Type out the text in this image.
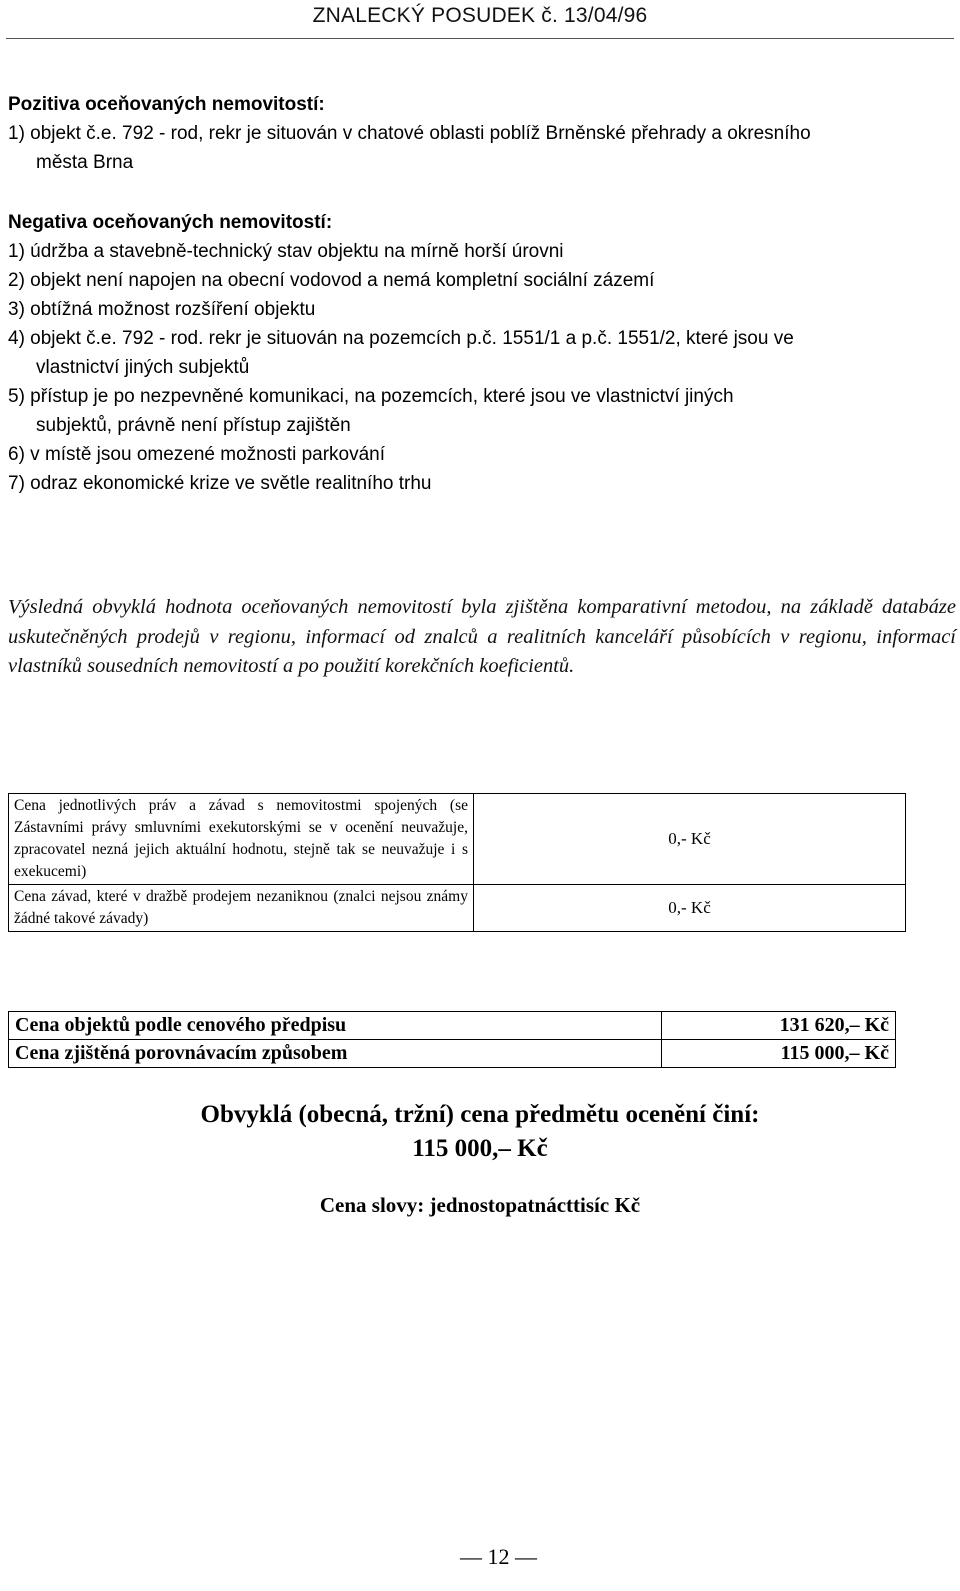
ZNALECKÝ POSUDEK č. 13/04/96
Pozitiva oceňovaných nemovitostí:
1) objekt č.e. 792 - rod, rekr je situován v chatové oblasti poblíž Brněnské přehrady a okresního
města Brna
Negativa oceňovaných nemovitostí:
1) údržba a stavebně-technický stav objektu na mírně horší úrovni
2) objekt není napojen na obecní vodovod a nemá kompletní sociální zázemí
3) obtížná možnost rozšíření objektu
4) objekt č.e. 792 - rod. rekr je situován na pozemcích p.č. 1551/1 a p.č. 1551/2, které jsou ve
vlastnictví jiných subjektů
5) přístup je po nezpevněné komunikaci, na pozemcích, které jsou ve vlastnictví jiných
subjektů, právně není přístup zajištěn
6) v místě jsou omezené možnosti parkování
7) odraz ekonomické krize ve světle realitního trhu
Výsledná obvyklá hodnota oceňovaných nemovitostí byla zjištěna komparativní metodou, na základě databáze uskutečněných prodejů v regionu, informací od znalců a realitních kanceláří působících v regionu, informací vlastníků sousedních nemovitostí a po použití korekčních koeficientů.
Cena jednotlivých práv a závad s nemovitostmi spojených (se Zástavními právy smluvními exekutorskými se v ocenění neuvažuje, zpracovatel nezná jejich aktuální hodnotu, stejně tak se neuvažuje i s exekucemi)	0,- Kč
Cena závad, které v dražbě prodejem nezaniknou (znalci nejsou známy žádné takové závady)	0,- Kč
Cena objektů podle cenového předpisu	131 620,– Kč
Cena zjištěná porovnávacím způsobem	115 000,– Kč
Obvyklá (obecná, tržní) cena předmětu ocenění činí:
115 000,– Kč
Cena slovy: jednostopatnácttisíc Kč
— 12 —
